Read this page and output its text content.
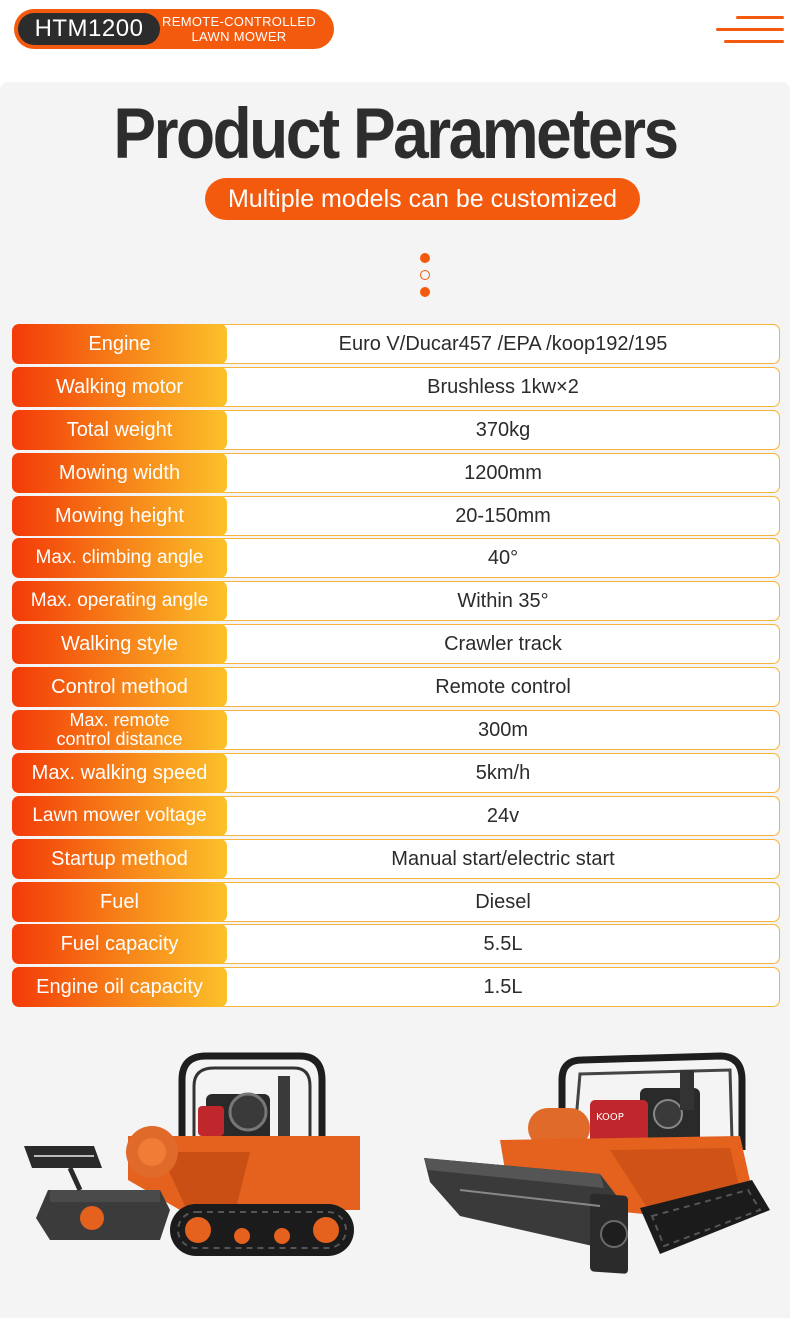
HTM1200	REMOTE-CONTROLLED
LAWN MOWER
Product Parameters
Multiple models can be customized
Engine	Euro V/Ducar457 /EPA /koop192/195
Walking motor	Brushless 1kw×2
Total weight	370kg
Mowing width	1200mm
Mowing height	20-150mm
Max. climbing angle	40°
Max. operating angle	Within 35°
Walking style	Crawler track
Control method	Remote control
Max. remote
control distance	300m
Max. walking speed	5km/h
Lawn mower voltage	24v
Startup method	Manual start/electric start
Fuel	Diesel
Fuel capacity	5.5L
Engine oil capacity	1.5L
KOOP
